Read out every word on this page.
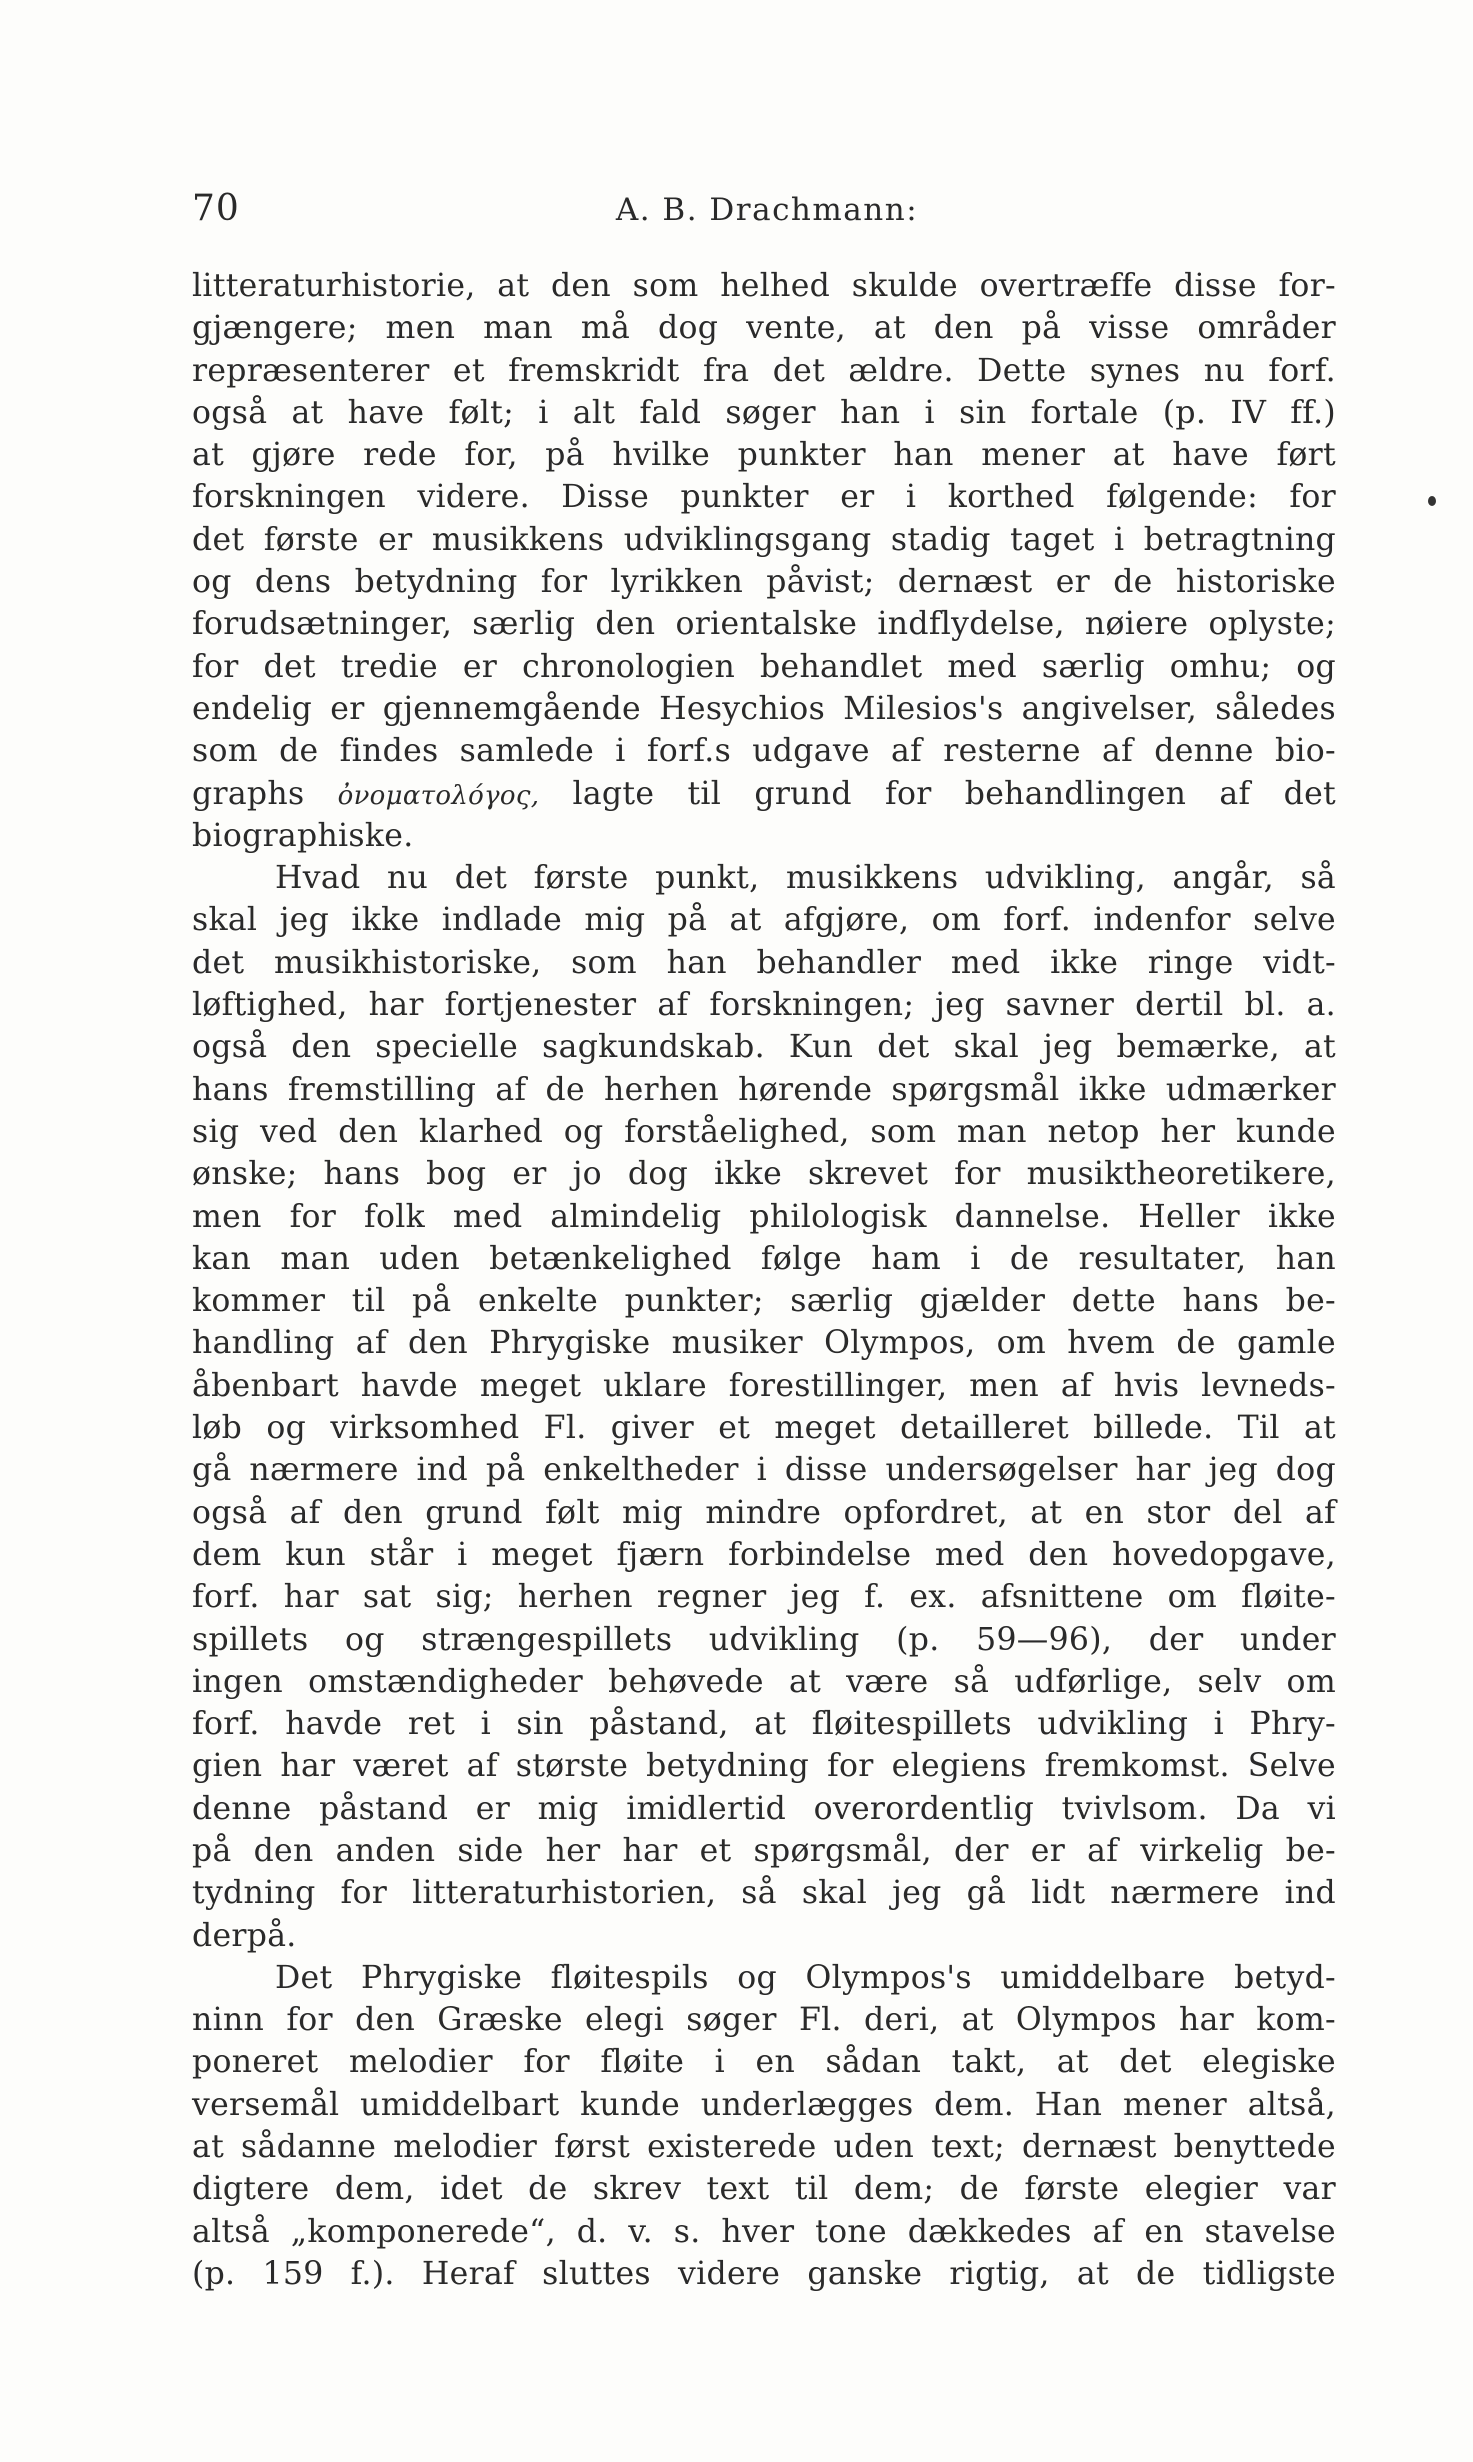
70	A. B. Drachmann:
litteraturhistorie, at den som helhed skulde overtræffe disse for-
gjængere; men man må dog vente, at den på visse områder
repræsenterer et fremskridt fra det ældre. Dette synes nu forf.
også at have følt; i alt fald søger han i sin fortale (p. IV ff.)
at gjøre rede for, på hvilke punkter han mener at have ført
forskningen videre. Disse punkter er i korthed følgende: for
det første er musikkens udviklingsgang stadig taget i betragtning
og dens betydning for lyrikken påvist; dernæst er de historiske
forudsætninger, særlig den orientalske indflydelse, nøiere oplyste;
for det tredie er chronologien behandlet med særlig omhu; og
endelig er gjennemgående Hesychios Milesios's angivelser, således
som de findes samlede i forf.s udgave af resterne af denne bio-
graphs ὀνοματολόγος, lagte til grund for behandlingen af det
biographiske.
Hvad nu det første punkt, musikkens udvikling, angår, så
skal jeg ikke indlade mig på at afgjøre, om forf. indenfor selve
det musikhistoriske, som han behandler med ikke ringe vidt-
løftighed, har fortjenester af forskningen; jeg savner dertil bl. a.
også den specielle sagkundskab. Kun det skal jeg bemærke, at
hans fremstilling af de herhen hørende spørgsmål ikke udmærker
sig ved den klarhed og forståelighed, som man netop her kunde
ønske; hans bog er jo dog ikke skrevet for musiktheoretikere,
men for folk med almindelig philologisk dannelse. Heller ikke
kan man uden betænkelighed følge ham i de resultater, han
kommer til på enkelte punkter; særlig gjælder dette hans be-
handling af den Phrygiske musiker Olympos, om hvem de gamle
åbenbart havde meget uklare forestillinger, men af hvis levneds-
løb og virksomhed Fl. giver et meget detailleret billede. Til at
gå nærmere ind på enkeltheder i disse undersøgelser har jeg dog
også af den grund følt mig mindre opfordret, at en stor del af
dem kun står i meget fjærn forbindelse med den hovedopgave,
forf. har sat sig; herhen regner jeg f. ex. afsnittene om fløite-
spillets og strængespillets udvikling (p. 59—96), der under
ingen omstændigheder behøvede at være så udførlige, selv om
forf. havde ret i sin påstand, at fløitespillets udvikling i Phry-
gien har været af største betydning for elegiens fremkomst. Selve
denne påstand er mig imidlertid overordentlig tvivlsom. Da vi
på den anden side her har et spørgsmål, der er af virkelig be-
tydning for litteraturhistorien, så skal jeg gå lidt nærmere ind
derpå.
Det Phrygiske fløitespils og Olympos's umiddelbare betyd-
ninn for den Græske elegi søger Fl. deri, at Olympos har kom-
poneret melodier for fløite i en sådan takt, at det elegiske
versemål umiddelbart kunde underlægges dem. Han mener altså,
at sådanne melodier først existerede uden text; dernæst benyttede
digtere dem, idet de skrev text til dem; de første elegier var
altså „komponerede“, d. v. s. hver tone dækkedes af en stavelse
(p. 159 f.). Heraf sluttes videre ganske rigtig, at de tidligste
